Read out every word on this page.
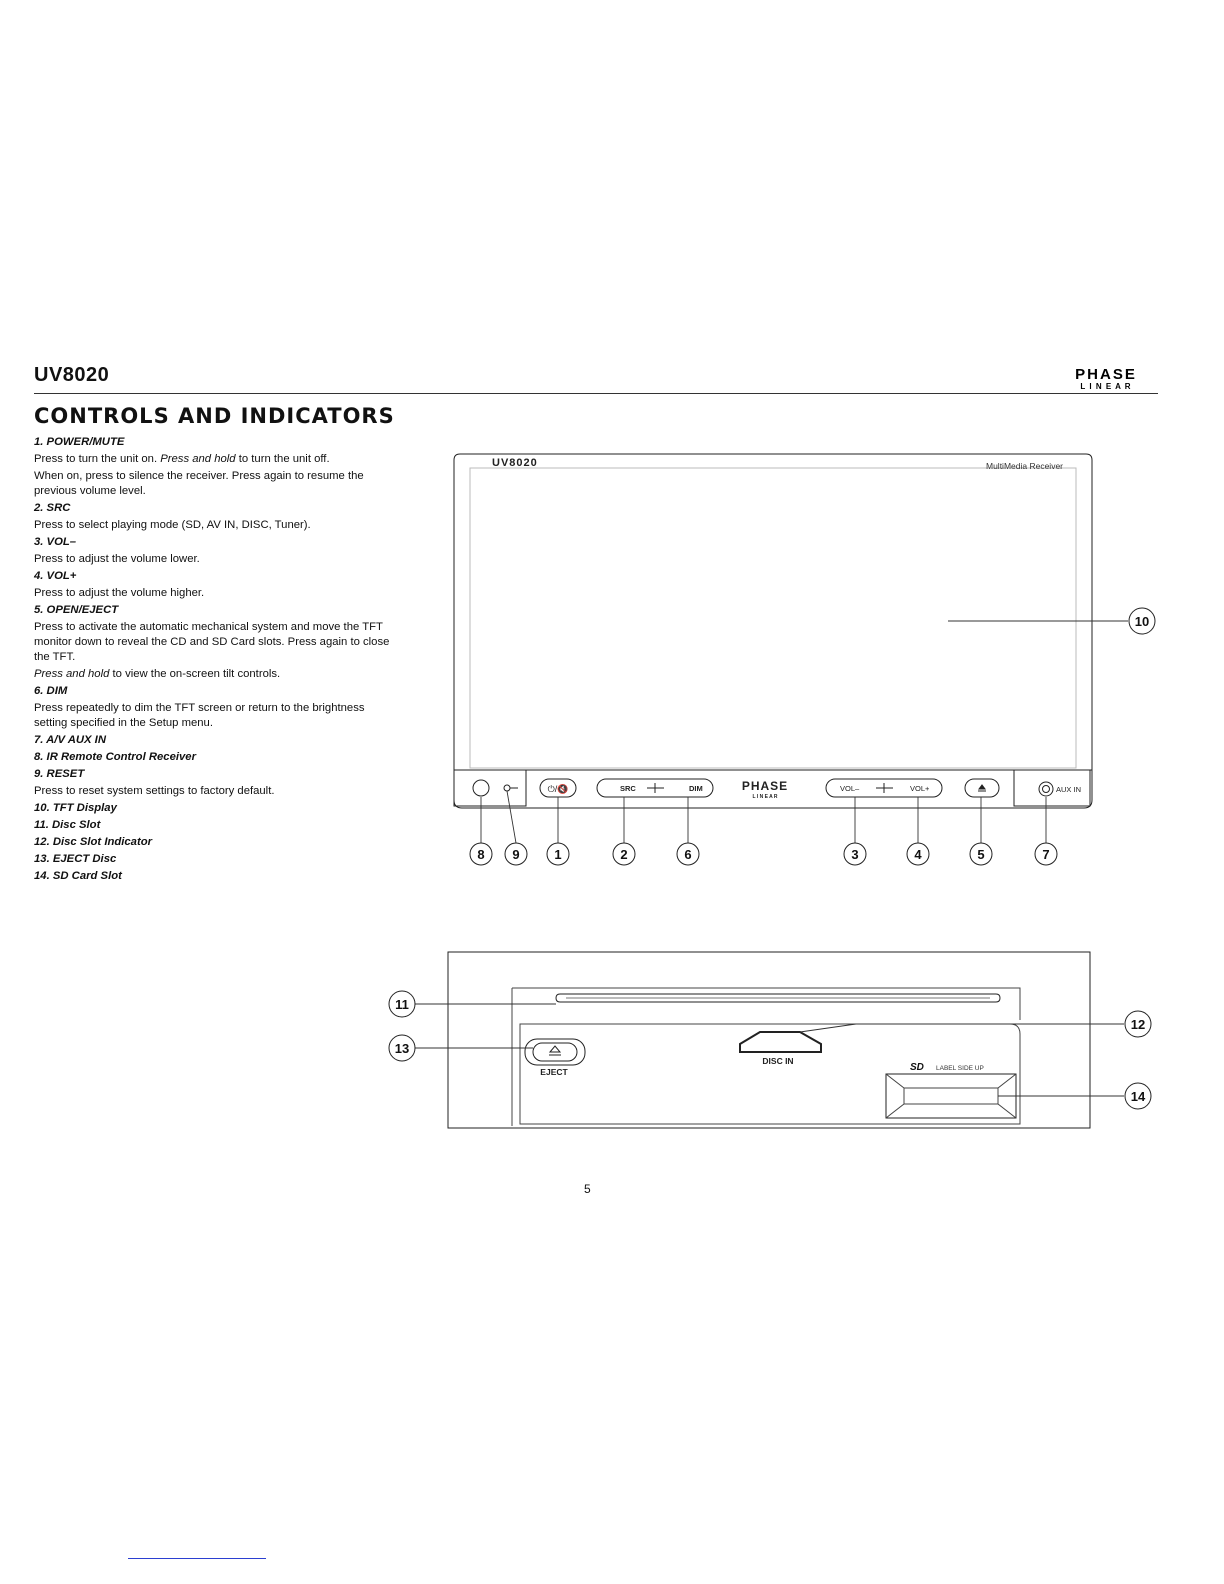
UV8020	PHASE
L I N E A R
CONTROLS AND INDICATORS
1. POWER/MUTE
Press to turn the unit on. Press and hold to turn the unit off.
When on, press to silence the receiver. Press again to resume the previous volume level.
2. SRC
Press to select playing mode (SD, AV IN, DISC, Tuner).
3. VOL–
Press to adjust the volume lower.
4. VOL+
Press to adjust the volume higher.
5. OPEN/EJECT
Press to activate the automatic mechanical system and move the TFT monitor down to reveal the CD and SD Card slots. Press again to close the TFT.
Press and hold to view the on-screen tilt controls.
6. DIM
Press repeatedly to dim the TFT screen or return to the brightness setting specified in the Setup menu.
7. A/V AUX IN
8. IR Remote Control Receiver
9. RESET
Press to reset system settings to factory default.
10. TFT Display
11. Disc Slot
12. Disc Slot Indicator
13. EJECT Disc
14. SD Card Slot
UV8020	MultiMedia Receiver
⏻/🔇	SRC	DIM	PHASE
L I N E A R
VOL–	VOL+	AUX IN
8 9	1	2	6	3	4	5	7
10
EJECT
DISC IN
SD LABEL SIDE UP
11
12
13
14
5
